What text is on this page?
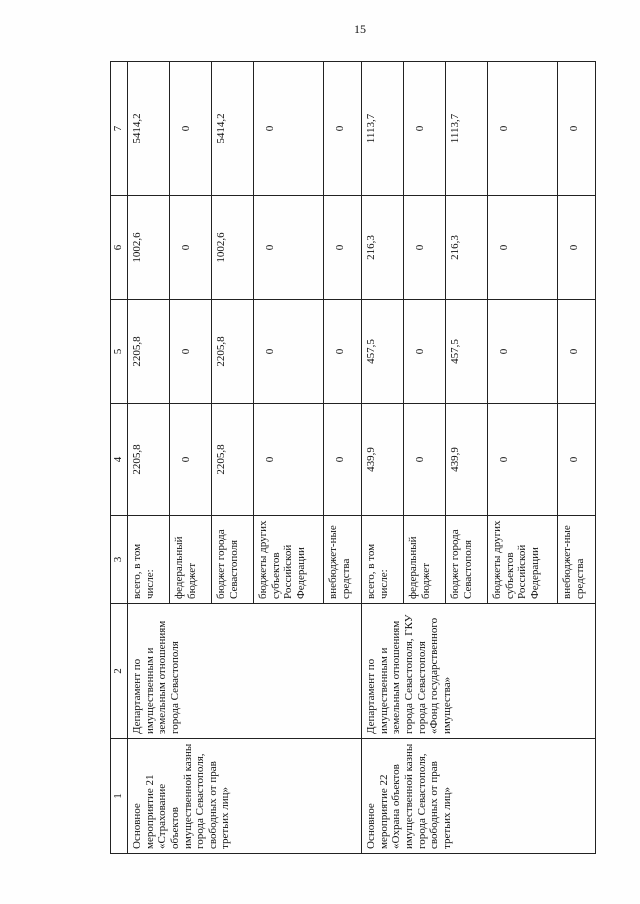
15
1	2	3	4	5	6	7
Основное мероприятие 21 «Страхование объектов имущественной казны города Севастополя, свободных от прав третьих лиц»	Департамент по имущественным и земельным отношениям города Севастополя	всего, в том числе:	2205,8	2205,8	1002,6	5414,2
		федеральный бюджет	0	0	0	0
		бюджет города Севастополя	2205,8	2205,8	1002,6	5414,2
		бюджеты других субъектов Российской Федерации	0	0	0	0
		внебюджет-ные средства	0	0	0	0
Основное мероприятие 22 «Охрана объектов имущественной казны города Севастополя, свободных от прав третьих лиц»	Департамент по имущественным и земельным отношениям города Севастополя, ГКУ города Севастополя «Фонд государственного имущества»	всего, в том числе:	439,9	457,5	216,3	1113,7
		федеральный бюджет	0	0	0	0
		бюджет города Севастополя	439,9	457,5	216,3	1113,7
		бюджеты других субъектов Российской Федерации	0	0	0	0
		внебюджет-ные средства	0	0	0	0
